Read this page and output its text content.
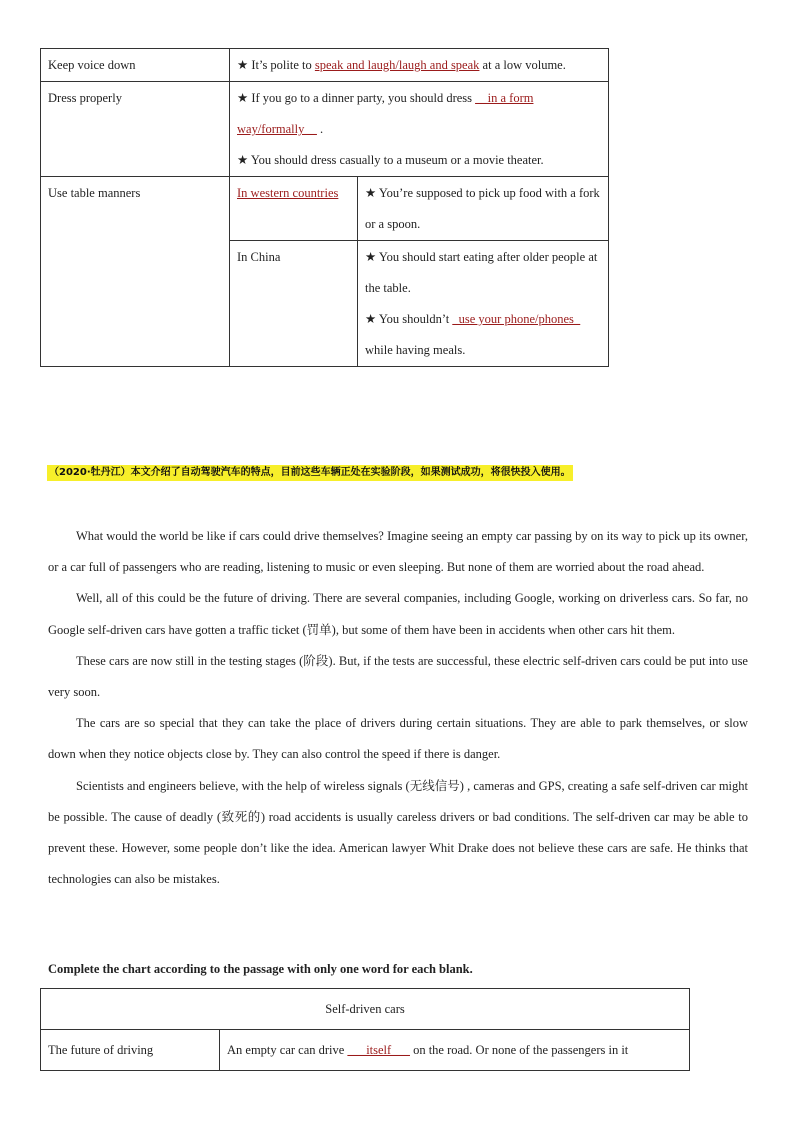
Keep voice down	★ It’s polite to speak and laugh/laugh and speak at a low volume.	
Dress properly	★ If you go to a dinner party, you should dress __in a form way/formally__ .
★ You should dress casually to a museum or a movie theater.	
Use table manners	In western countries	★ You’re supposed to pick up food with a fork or a spoon.
	In China	★ You should start eating after older people at the table.
★ You shouldn’t _use your phone/phones_ while having meals.
（2020·牡丹江）本文介绍了自动驾驶汽车的特点，目前这些车辆正处在实验阶段，如果测试成功，将很快投入使用。

What would the world be like if cars could drive themselves? Imagine seeing an empty car passing by on its way to pick up its owner, or a car full of passengers who are reading, listening to music or even sleeping. But none of them are worried about the road ahead.

Well, all of this could be the future of driving. There are several companies, including Google, working on driverless cars. So far, no Google self-driven cars have gotten a traffic ticket (罚单), but some of them have been in accidents when other cars hit them.

These cars are now still in the testing stages (阶段). But, if the tests are successful, these electric self-driven cars could be put into use very soon.

The cars are so special that they can take the place of drivers during certain situations. They are able to park themselves, or slow down when they notice objects close by. They can also control the speed if there is danger.

Scientists and engineers believe, with the help of wireless signals (无线信号) , cameras and GPS, creating a safe self-driven car might be possible. The cause of deadly (致死的) road accidents is usually careless drivers or bad conditions. The self-driven car may be able to prevent these. However, some people don’t like the idea. American lawyer Whit Drake does not believe these cars are safe. He thinks that technologies can also be mistakes.

Complete the chart according to the passage with only one word for each blank.
Self-driven cars
The future of driving	An empty car can drive ___itself___ on the road. Or none of the passengers in it
